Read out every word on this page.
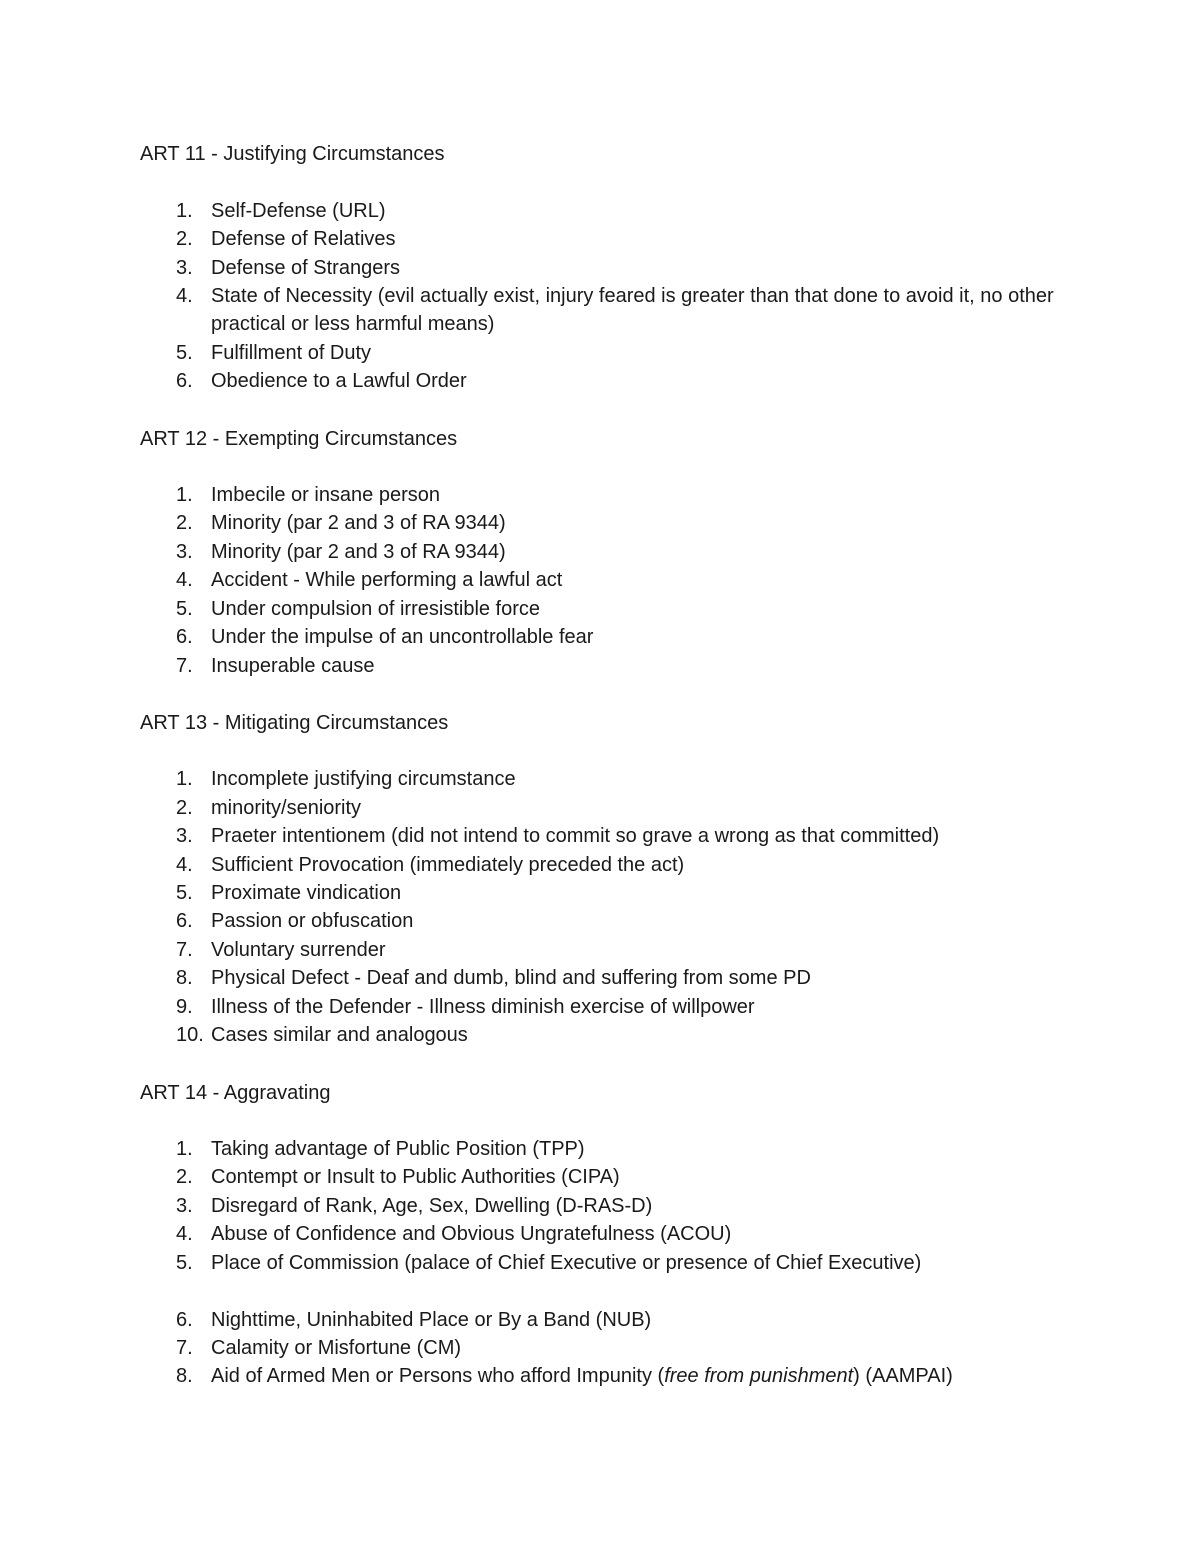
ART 11 - Justifying Circumstances
1. Self-Defense (URL)
2. Defense of Relatives
3. Defense of Strangers
4. State of Necessity (evil actually exist, injury feared is greater than that done to avoid it, no other practical or less harmful means)
5. Fulfillment of Duty
6. Obedience to a Lawful Order
ART 12 - Exempting Circumstances
1. Imbecile or insane person
2. Minority (par 2 and 3 of RA 9344)
3. Minority (par 2 and 3 of RA 9344)
4. Accident - While performing a lawful act
5. Under compulsion of irresistible force
6. Under the impulse of an uncontrollable fear
7. Insuperable cause
ART 13 - Mitigating Circumstances
1. Incomplete justifying circumstance
2. minority/seniority
3. Praeter intentionem (did not intend to commit so grave a wrong as that committed)
4. Sufficient Provocation (immediately preceded the act)
5. Proximate vindication
6. Passion or obfuscation
7. Voluntary surrender
8. Physical Defect - Deaf and dumb, blind and suffering from some PD
9. Illness of the Defender - Illness diminish exercise of willpower
10. Cases similar and analogous
ART 14 - Aggravating
1. Taking advantage of Public Position (TPP)
2. Contempt or Insult to Public Authorities (CIPA)
3. Disregard of Rank, Age, Sex, Dwelling (D-RAS-D)
4. Abuse of Confidence and Obvious Ungratefulness (ACOU)
5. Place of Commission (palace of Chief Executive or presence of Chief Executive)
6. Nighttime, Uninhabited Place or By a Band (NUB)
7. Calamity or Misfortune (CM)
8. Aid of Armed Men or Persons who afford Impunity (free from punishment) (AAMPAI)
